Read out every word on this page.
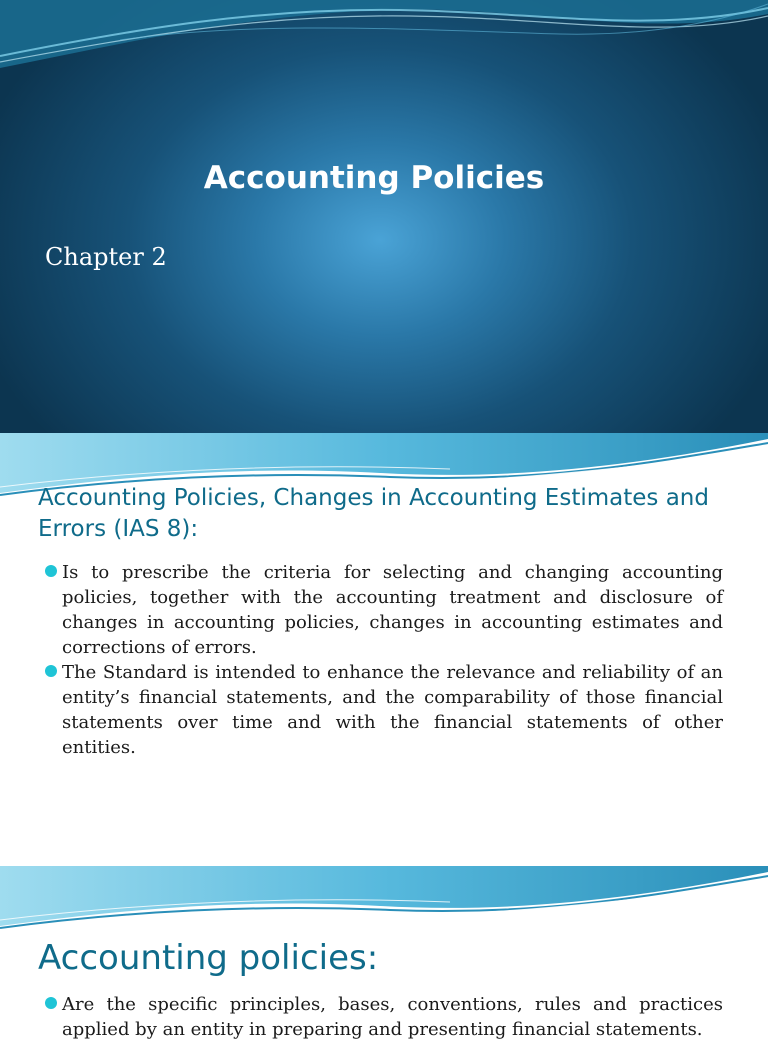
Accounting Policies
Chapter 2
Accounting Policies, Changes in Accounting Estimates and Errors (IAS 8):
Is to prescribe the criteria for selecting and changing accounting policies, together with the accounting treatment and disclosure of changes in accounting policies, changes in accounting estimates and corrections of errors.
The Standard is intended to enhance the relevance and reliability of an entity’s financial statements, and the comparability of those financial statements over time and with the financial statements of other entities.
Accounting policies:
Are the specific principles, bases, conventions, rules and practices applied by an entity in preparing and presenting financial statements.
